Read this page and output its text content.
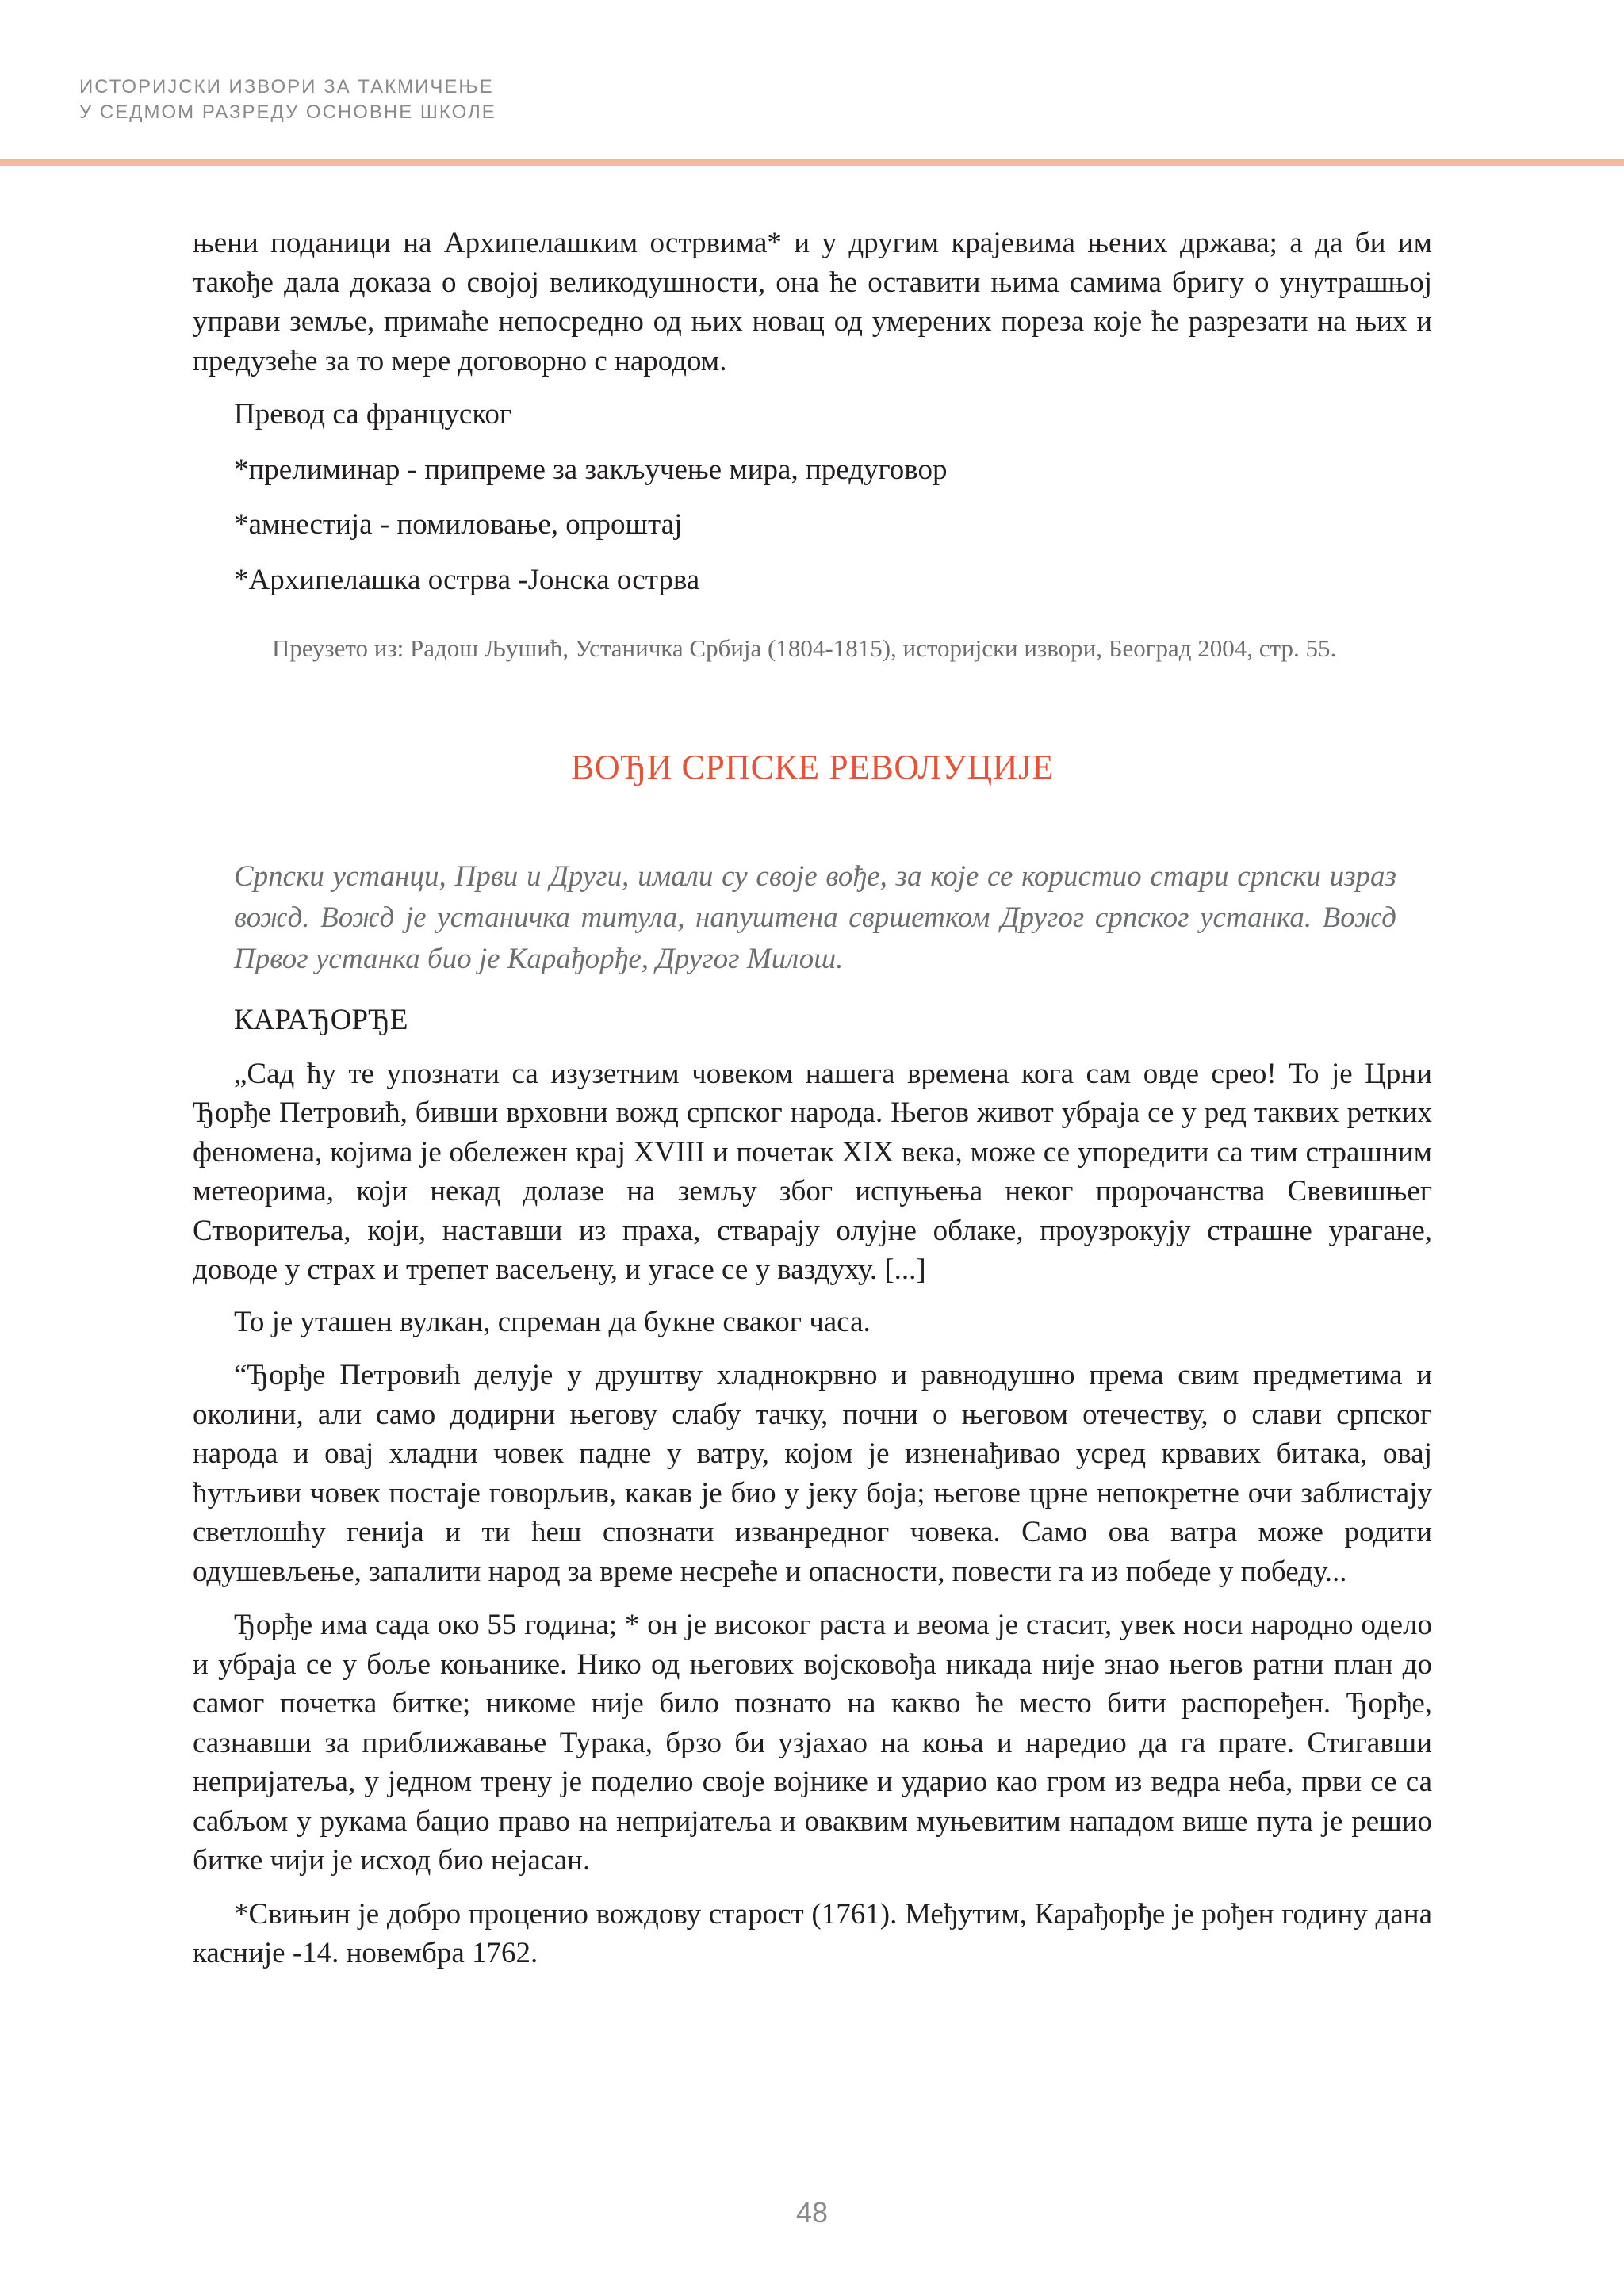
ИСТОРИЈСКИ ИЗВОРИ ЗА ТАКМИЧЕЊЕ
У СЕДМОМ РАЗРЕДУ ОСНОВНЕ ШКОЛЕ

њени поданици на Архипелашким острвима* и у другим крајевима њених држава; а да би им такође дала доказа о својој великодушности, она ће оставити њима самима бригу о унутрашњој управи земље, примаће непосредно од њих новац од умерених пореза које ће разрезати на њих и предузеће за то мере договорно с народом.

Превод са француског

*прелиминар - припреме за закључење мира, предуговор

*амнестија - помиловање, опроштај

*Архипелашка острва -Јонска острва

Преузето из: Радош Љушић, Устаничка Србија (1804-1815), историјски извори, Београд 2004, стр. 55.

ВОЂИ СРПСКЕ РЕВОЛУЦИЈЕ

Српски устанци, Први и Други, имали су своје вође, за које се користио стари српски израз вожд. Вожд је устаничка титула, напуштена свршетком Другог српског устанка. Вожд Првог устанка био је Карађорђе, Другог Милош.

КАРАЂОРЂЕ

„Сад ћу те упознати са изузетним човеком нашега времена кога сам овде срео! То је Црни Ђорђе Петровић, бивши врховни вожд српског народа. Његов живот убраја се у ред таквих ретких феномена, којима је обележен крај XVIII и почетак XIX века, може се упоредити са тим страшним метеорима, који некад долазе на земљу због испуњења неког пророчанства Свевишњег Створитеља, који, наставши из праха, стварају олујне облаке, проузрокују страшне урагане, доводе у страх и трепет васељену, и угасе се у ваздуху. [...]

То је уташен вулкан, спреман да букне сваког часа.

“Ђорђе Петровић делује у друштву хладнокрвно и равнодушно према свим предметима и околини, али само додирни његову слабу тачку, почни о његовом отечеству, о слави српског народа и овај хладни човек падне у ватру, којом је изненађивао усред крвавих битака, овај ћутљиви човек постаје говорљив, какав је био у јеку боја; његове црне непокретне очи заблистају светлошћу генија и ти ћеш спознати изванредног човека. Само ова ватра може родити одушевљење, запалити народ за време несреће и опасности, повести га из победе у победу...

Ђорђе има сада око 55 година; * он је високог раста и веома је стасит, увек носи народно одело и убраја се у боље коњанике. Нико од његових војсковођа никада није знао његов ратни план до самог почетка битке; никоме није било познато на какво ће место бити распоређен. Ђорђе, сазнавши за приближавање Турака, брзо би узјахао на коња и наредио да га прате. Стигавши непријатеља, у једном трену је поделио своје војнике и ударио као гром из ведра неба, први се са сабљом у рукама бацио право на непријатеља и оваквим муњевитим нападом више пута је решио битке чији је исход био нејасан.

*Свињин је добро проценио вождову старост (1761). Међутим, Карађорђе је рођен годину дана касније -14. новембра 1762.

48
